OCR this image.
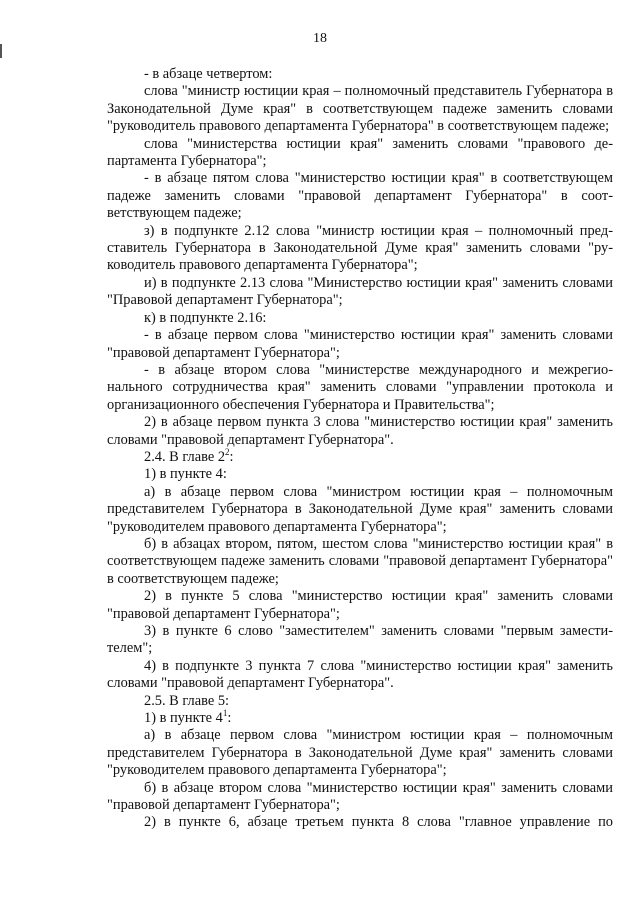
18

- в абзаце четвертом:

слова "министр юстиции края – полномочный представитель Губернатора в Законодательной Думе края" в соответствующем падеже заменить словами "руководитель правового департамента Губернатора" в соответствующем падеже;

слова "министерства юстиции края" заменить словами "правового департамента Губернатора";

- в абзаце пятом слова "министерство юстиции края" в соответствующем падеже заменить словами "правовой департамент Губернатора" в соответствующем падеже;

з) в подпункте 2.12 слова "министр юстиции края – полномочный представитель Губернатора в Законодательной Думе края" заменить словами "руководитель правового департамента Губернатора";

и) в подпункте 2.13 слова "Министерство юстиции края" заменить словами "Правовой департамент Губернатора";

к) в подпункте 2.16:

- в абзаце первом слова "министерство юстиции края" заменить словами "правовой департамент Губернатора";

- в абзаце втором слова "министерстве международного и межрегионального сотрудничества края" заменить словами "управлении протокола и организационного обеспечения Губернатора и Правительства";

2) в абзаце первом пункта 3 слова "министерство юстиции края" заменить словами "правовой департамент Губернатора".

2.4. В главе $2^2$:

1) в пункте 4:

а) в абзаце первом слова "министром юстиции края – полномочным представителем Губернатора в Законодательной Думе края" заменить словами "руководителем правового департамента Губернатора";

б) в абзацах втором, пятом, шестом слова "министерство юстиции края" в соответствующем падеже заменить словами "правовой департамент Губернатора" в соответствующем падеже;

2) в пункте 5 слова "министерство юстиции края" заменить словами "правовой департамент Губернатора";

3) в пункте 6 слово "заместителем" заменить словами "первым заместителем";

4) в подпункте 3 пункта 7 слова "министерство юстиции края" заменить словами "правовой департамент Губернатора".

2.5. В главе 5:

1) в пункте $4^1$:

а) в абзаце первом слова "министром юстиции края – полномочным представителем Губернатора в Законодательной Думе края" заменить словами "руководителем правового департамента Губернатора";

б) в абзаце втором слова "министерство юстиции края" заменить словами "правовой департамент Губернатора";

2) в пункте 6, абзаце третьем пункта 8 слова "главное управление по
